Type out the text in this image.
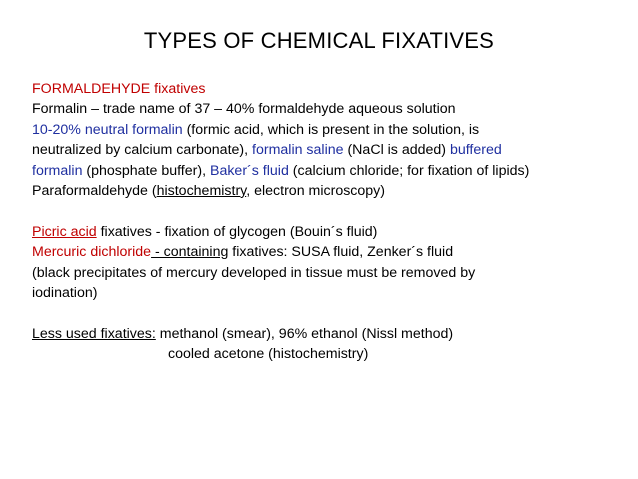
TYPES OF CHEMICAL FIXATIVES
FORMALDEHYDE fixatives
Formalin – trade name of 37 – 40% formaldehyde aqueous solution
10-20% neutral formalin (formic acid, which is present in the solution, is
neutralized by calcium carbonate), formalin saline (NaCl is added) buffered
formalin (phosphate buffer), Baker´s fluid (calcium chloride; for fixation of lipids)
Paraformaldehyde (histochemistry, electron microscopy)
Picric acid fixatives - fixation of glycogen (Bouin´s fluid)
Mercuric dichloride - containing fixatives: SUSA fluid, Zenker´s fluid
(black precipitates of mercury developed in tissue must be removed by
iodination)
Less used fixatives: methanol (smear), 96% ethanol (Nissl method)
cooled acetone (histochemistry)
